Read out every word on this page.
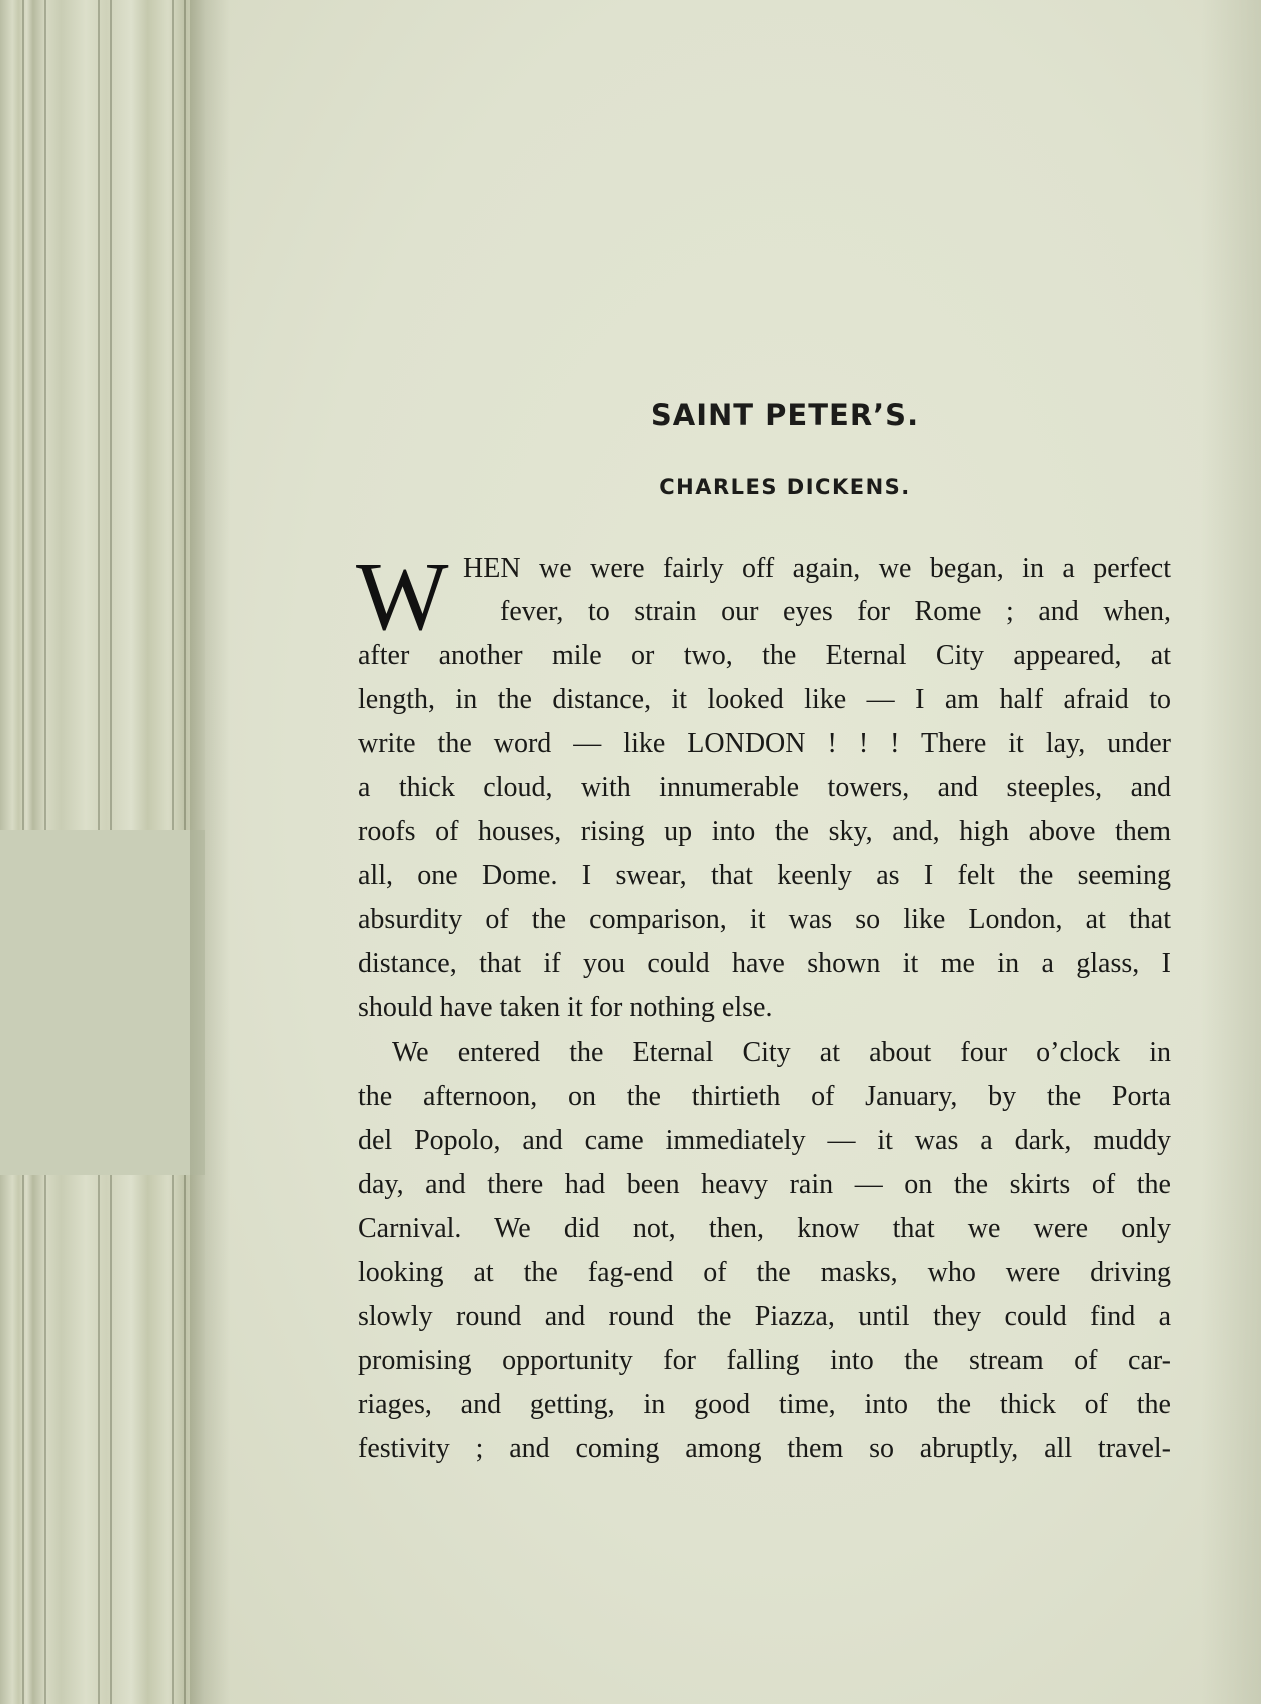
SAINT PETER’S.
CHARLES DICKENS.
W HEN we were fairly off again, we began, in a perfect
fever, to strain our eyes for Rome ; and when,
after another mile or two, the Eternal City appeared, at
length, in the distance, it looked like — I am half afraid to
write the word — like LONDON ! ! ! There it lay, under
a thick cloud, with innumerable towers, and steeples, and
roofs of houses, rising up into the sky, and, high above them
all, one Dome. I swear, that keenly as I felt the seeming
absurdity of the comparison, it was so like London, at that
distance, that if you could have shown it me in a glass, I
should have taken it for nothing else.
We entered the Eternal City at about four o’clock in
the afternoon, on the thirtieth of January, by the Porta
del Popolo, and came immediately — it was a dark, muddy
day, and there had been heavy rain — on the skirts of the
Carnival. We did not, then, know that we were only
looking at the fag-end of the masks, who were driving
slowly round and round the Piazza, until they could find a
promising opportunity for falling into the stream of car-
riages, and getting, in good time, into the thick of the
festivity ; and coming among them so abruptly, all travel-
